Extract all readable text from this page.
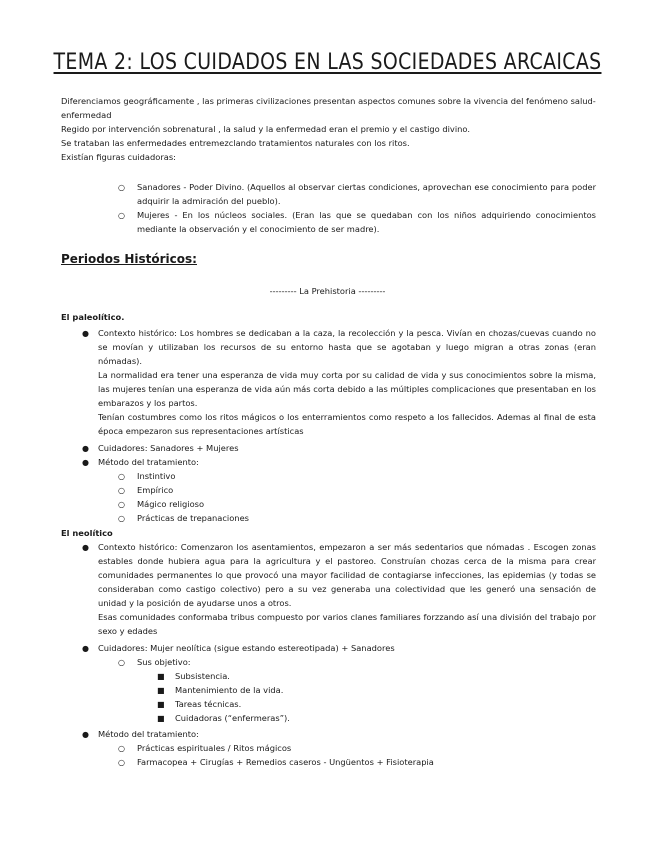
TEMA 2: LOS CUIDADOS EN LAS SOCIEDADES ARCAICAS

Diferenciamos geográficamente , las primeras civilizaciones presentan aspectos comunes sobre la vivencia del fenómeno salud-enfermedad

Regido por intervención sobrenatural , la salud y la enfermedad eran el premio y el castigo divino.

Se trataban las enfermedades entremezclando tratamientos naturales con los ritos.

Existían figuras cuidadoras:

○ Sanadores - Poder Divino. (Aquellos al observar ciertas condiciones, aprovechan ese conocimiento para poder adquirir la admiración del pueblo).
○ Mujeres - En los núcleos sociales. (Eran las que se quedaban con los niños adquiriendo conocimientos mediante la observación y el conocimiento de ser madre).
Periodos Históricos:
--------- La Prehistoria ---------
El paleolítico.
● Contexto histórico: Los hombres se dedicaban a la caza, la recolección y la pesca. Vivían en chozas/cuevas cuando no se movían y utilizaban los recursos de su entorno hasta que se agotaban y luego migran a otras zonas (eran nómadas).

La normalidad era tener una esperanza de vida muy corta por su calidad de vida y sus conocimientos sobre la misma, las mujeres tenían una esperanza de vida aún más corta debido a las múltiples complicaciones que presentaban en los embarazos y los partos.

Tenían costumbres como los ritos mágicos o los enterramientos como respeto a los fallecidos. Ademas al final de esta época empezaron sus representaciones artísticas

● Cuidadores: Sanadores + Mujeres
● Método del tratamiento:
○ Instintivo
○ Empírico
○ Mágico religioso
○ Prácticas de trepanaciones
El neolítico
● Contexto histórico: Comenzaron los asentamientos, empezaron a ser más sedentarios que nómadas . Escogen zonas estables donde hubiera agua para la agricultura y el pastoreo. Construían chozas cerca de la misma para crear comunidades permanentes lo que provocó una mayor facilidad de contagiarse infecciones, las epidemias (y todas se consideraban como castigo colectivo) pero a su vez generaba una colectividad que les generó una sensación de unidad y la posición de ayudarse unos a otros.

Esas comunidades conformaba tribus compuesto por varios clanes familiares forzzando así una división del trabajo por sexo y edades

● Cuidadores: Mujer neolítica (sigue estando estereotipada) + Sanadores
○ Sus objetivo:
■ Subsistencia.
■ Mantenimiento de la vida.
■ Tareas técnicas.
■ Cuidadoras (“enfermeras”).
● Método del tratamiento:
○ Prácticas espirituales / Ritos mágicos
○ Farmacopea + Cirugías + Remedios caseros - Ungüentos + Fisioterapia
